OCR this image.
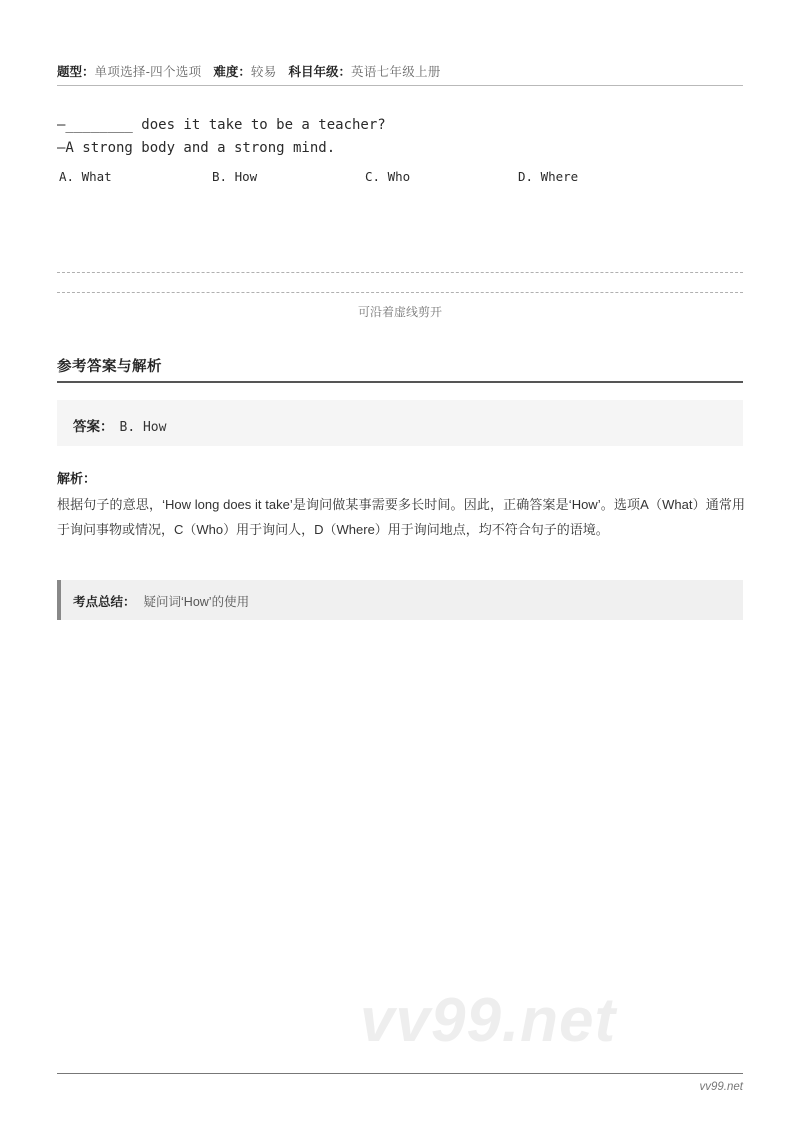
题型：单项选择-四个选项 难度：较易 科目年级：英语七年级上册
—________ does it take to be a teacher?
—A strong body and a strong mind.
A. What	B. How	C. Who	D. Where
可沿着虚线剪开
参考答案与解析
答案： B. How
解析：
根据句子的意思，‘How long does it take’是询问做某事需要多长时间。因此，正确答案是‘How’。选项A（What）通常用于询问事物或情况，C（Who）用于询问人，D（Where）用于询问地点，均不符合句子的语境。
考点总结： 疑问词‘How’的使用
vv99.net
vv99.net
